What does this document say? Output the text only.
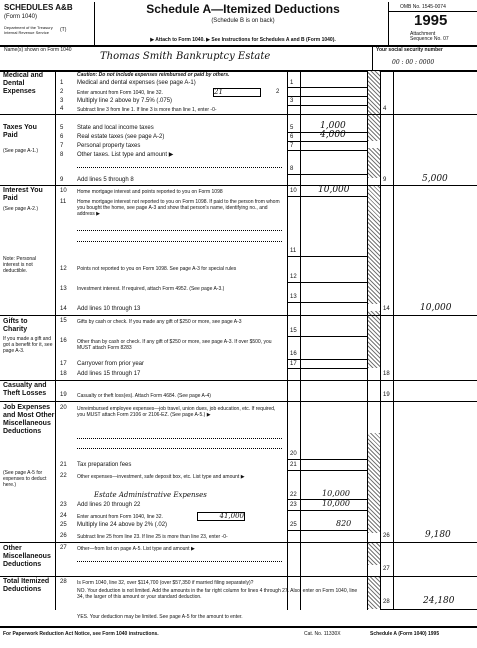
SCHEDULES A&B
(Form 1040)
Department of the Treasury
Internal Revenue Service	(T)
Schedule A—Itemized Deductions
(Schedule B is on back)
▶ Attach to Form 1040. ▶ See Instructions for Schedules A and B (Form 1040).
OMB No. 1545-0074
1995
Attachment
Sequence No. 07
Name(s) shown on Form 1040
Thomas Smith Bankruptcy Estate
Your social security number
00 : 00 : 0000
Medical and Dental Expenses
Caution: Do not include expenses reimbursed or paid by others.
1 Medical and dental expenses (see page A-1)	1
2	Enter amount from Form 1040, line 32.	21	2
3 Multiply line 2 above by 7.5% (.075)	3
4	Subtract line 3 from line 1. If line 3 is more than line 1, enter -0-	4
Taxes You Paid
(See page A-1.)
5 State and local income taxes	5	1,000
6 Real estate taxes (see page A-2)	6	4,000
7 Personal property taxes	7
8 Other taxes. List type and amount ▶
8
9 Add lines 5 through 8	9	5,000
Interest You Paid
(See page A-2.)
Note: Personal interest is not deductible.
10 Home mortgage interest and points reported to you on Form 1098	10 10,000
11 Home mortgage interest not reported to you on Form 1098. If paid to the person from whom you bought the home, see page A-3 and show that person's name, identifying no., and address ▶
11
12 Points not reported to you on Form 1098. See page A-3 for special rules
12
13 Investment interest. If required, attach Form 4952. (See page A-3.)
13
14 Add lines 10 through 13	14	10,000
Gifts to Charity
If you made a gift and got a benefit for it, see page A-3.
15 Gifts by cash or check. If you made any gift of $250 or more, see page A-3
15
16 Other than by cash or check. If any gift of $250 or more, see page A-3. If over $500, you MUST attach Form 8283
16
17 Carryover from prior year	17
18 Add lines 15 through 17	18
Casualty and Theft Losses	19 Casualty or theft loss(es). Attach Form 4684. (See page A-4)	19
Job Expenses and Most Other Miscellaneous Deductions
(See page A-5 for expenses to deduct here.)
20 Unreimbursed employee expenses—job travel, union dues, job education, etc. If required, you MUST attach Form 2106 or 2106-EZ. (See page A-5.) ▶
20
21 Tax preparation fees	21
22 Other expenses—investment, safe deposit box, etc. List type and amount ▶
Estate Administrative Expenses	22	10,000
23 Add lines 20 through 22	23	10,000
24 Enter amount from Form 1040, line 32.	41,000
25 Multiply line 24 above by 2% (.02)	25	820
26 Subtract line 25 from line 23. If line 25 is more than line 23, enter -0-	26	9,180
Other Miscellaneous Deductions
27 Other—from list on page A-5. List type and amount ▶
27
Total Itemized Deductions
28 Is Form 1040, line 32, over $114,700 (over $57,350 if married filing separately)?
NO. Your deduction is not limited. Add the amounts in the far right column for lines 4 through 27. Also, enter on Form 1040, line 34, the larger of this amount or your standard deduction.
YES. Your deduction may be limited. See page A-5 for the amount to enter.
28	24,180
For Paperwork Reduction Act Notice, see Form 1040 instructions.	Cat. No. 11330X	Schedule A (Form 1040) 1995
